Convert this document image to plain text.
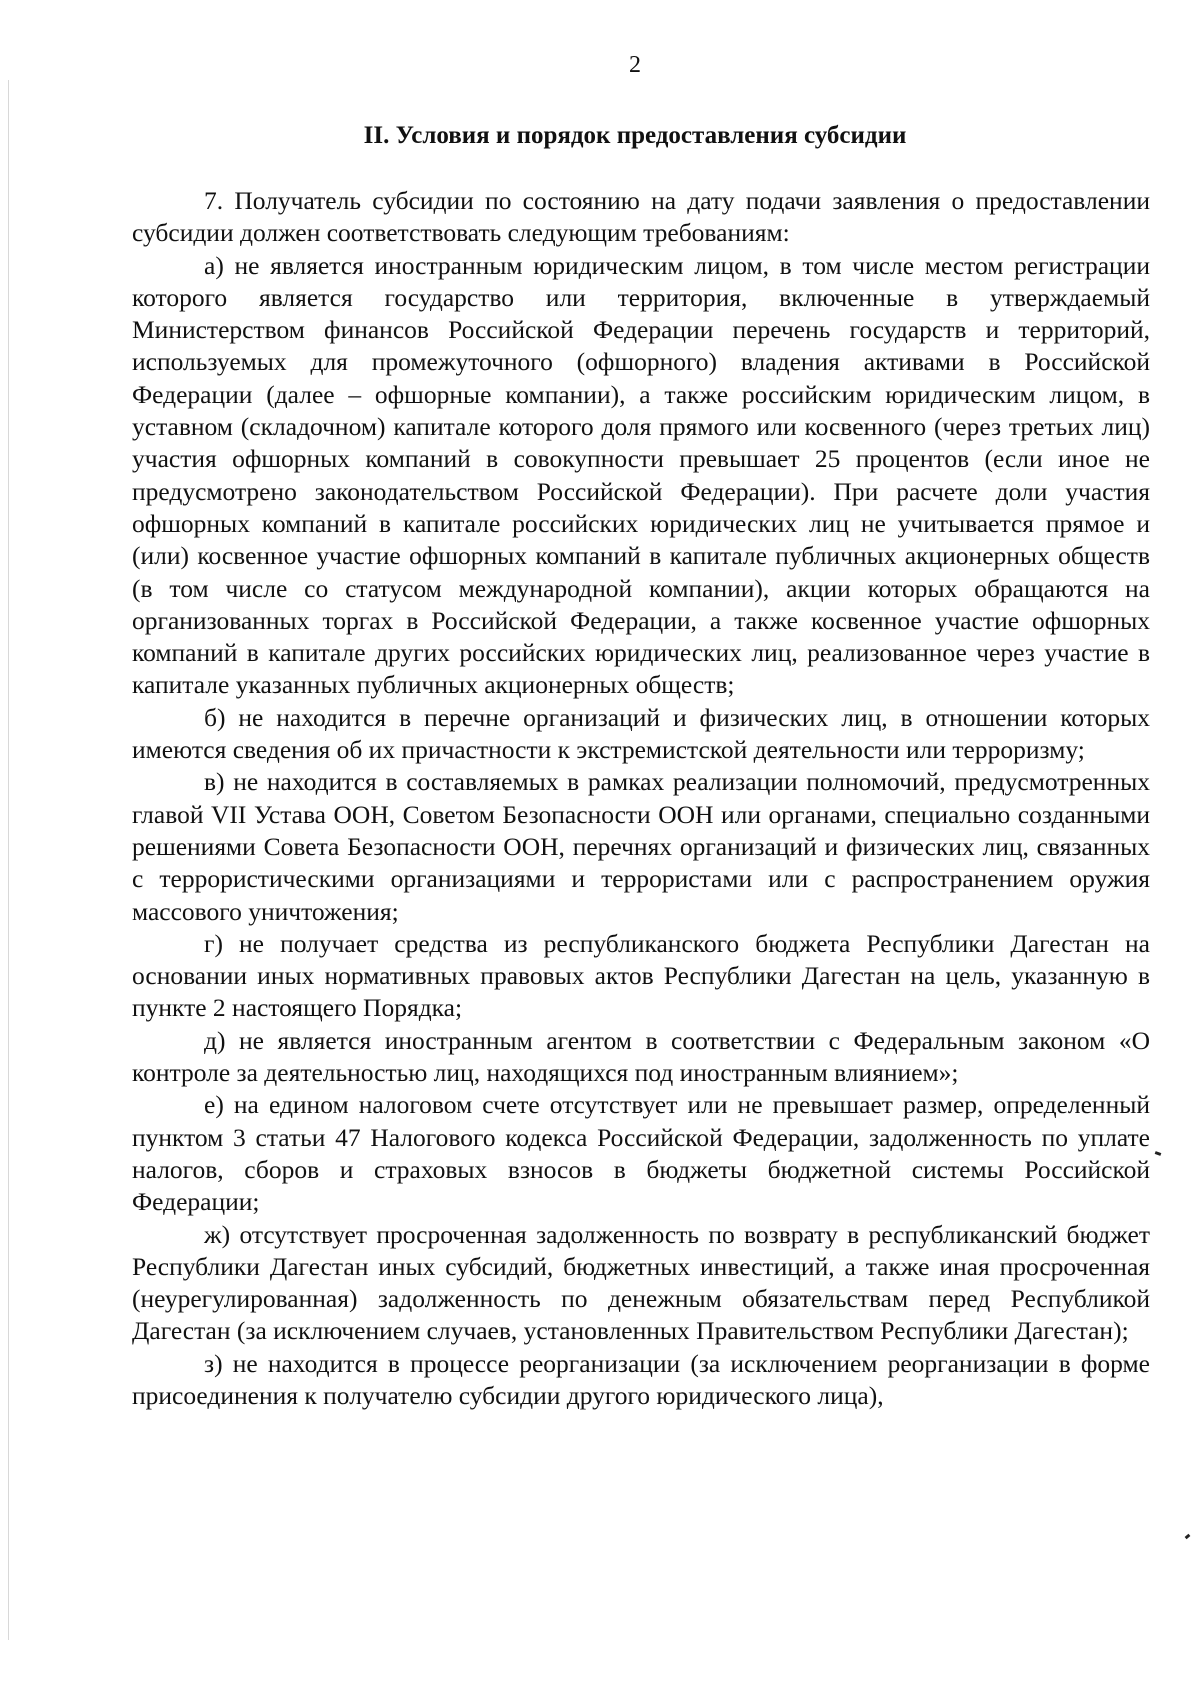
2
II. Условия и порядок предоставления субсидии

7. Получатель субсидии по состоянию на дату подачи заявления о предоставлении субсидии должен соответствовать следующим требованиям:

а) не является иностранным юридическим лицом, в том числе местом регистрации которого является государство или территория, включенные в утверждаемый Министерством финансов Российской Федерации перечень государств и территорий, используемых для промежуточного (офшорного) владения активами в Российской Федерации (далее – офшорные компании), а также российским юридическим лицом, в уставном (складочном) капитале которого доля прямого или косвенного (через третьих лиц) участия офшорных компаний в совокупности превышает 25 процентов (если иное не предусмотрено законодательством Российской Федерации). При расчете доли участия офшорных компаний в капитале российских юридических лиц не учитывается прямое и (или) косвенное участие офшорных компаний в капитале публичных акционерных обществ (в том числе со статусом международной компании), акции которых обращаются на организованных торгах в Российской Федерации, а также косвенное участие офшорных компаний в капитале других российских юридических лиц, реализованное через участие в капитале указанных публичных акционерных обществ;

б) не находится в перечне организаций и физических лиц, в отношении которых имеются сведения об их причастности к экстремистской деятельности или терроризму;

в) не находится в составляемых в рамках реализации полномочий, предусмотренных главой VII Устава ООН, Советом Безопасности ООН или органами, специально созданными решениями Совета Безопасности ООН, перечнях организаций и физических лиц, связанных с террористическими организациями и террористами или с распространением оружия массового уничтожения;

г) не получает средства из республиканского бюджета Республики Дагестан на основании иных нормативных правовых актов Республики Дагестан на цель, указанную в пункте 2 настоящего Порядка;

д) не является иностранным агентом в соответствии с Федеральным законом «О контроле за деятельностью лиц, находящихся под иностранным влиянием»;

е) на едином налоговом счете отсутствует или не превышает размер, определенный пунктом 3 статьи 47 Налогового кодекса Российской Федерации, задолженность по уплате налогов, сборов и страховых взносов в бюджеты бюджетной системы Российской Федерации;

ж) отсутствует просроченная задолженность по возврату в республиканский бюджет Республики Дагестан иных субсидий, бюджетных инвестиций, а также иная просроченная (неурегулированная) задолженность по денежным обязательствам перед Республикой Дагестан (за исключением случаев, установленных Правительством Республики Дагестан);

з) не находится в процессе реорганизации (за исключением реорганизации в форме присоединения к получателю субсидии другого юридического лица),
